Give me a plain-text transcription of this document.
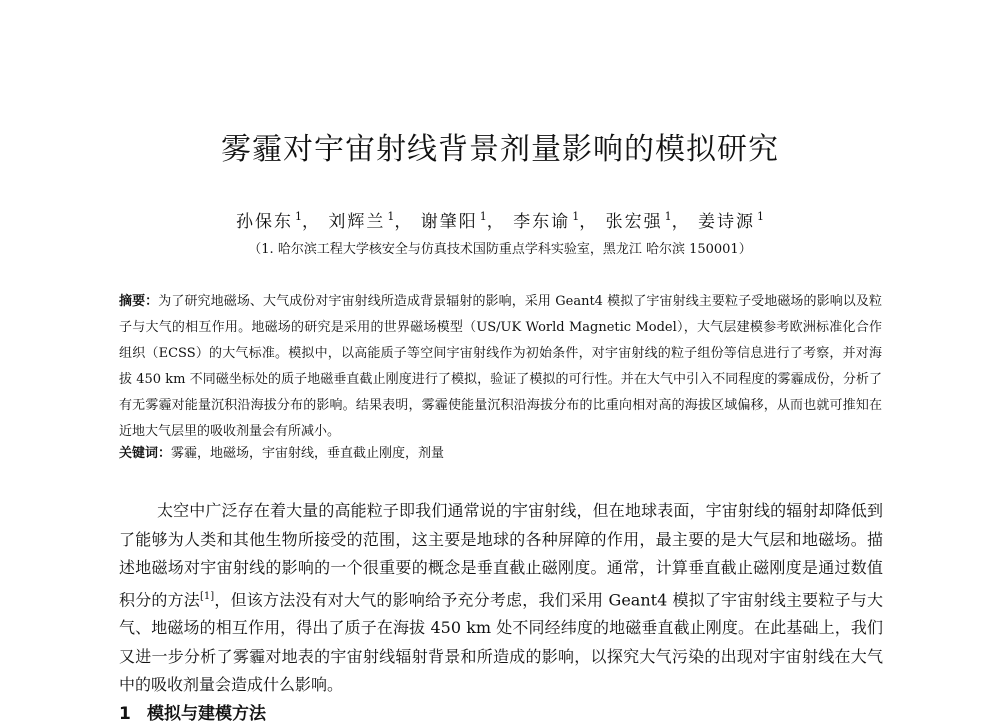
雾霾对宇宙射线背景剂量影响的模拟研究
孙保东 $^1$， 刘辉兰 $^1$， 谢肇阳 $^1$， 李东谕 $^1$， 张宏强 $^1$， 姜诗源 $^1$
（1. 哈尔滨工程大学核安全与仿真技术国防重点学科实验室，黑龙江 哈尔滨 150001）
摘要：为了研究地磁场、大气成份对宇宙射线所造成背景辐射的影响，采用 Geant4 模拟了宇宙射线主要粒子受地磁场的影响以及粒子与大气的相互作用。地磁场的研究是采用的世界磁场模型（US/UK World Magnetic Model），大气层建模参考欧洲标准化合作组织（ECSS）的大气标准。模拟中，以高能质子等空间宇宙射线作为初始条件，对宇宙射线的粒子组份等信息进行了考察，并对海拔 450 km 不同磁坐标处的质子地磁垂直截止刚度进行了模拟，验证了模拟的可行性。并在大气中引入不同程度的雾霾成份，分析了有无雾霾对能量沉积沿海拔分布的影响。结果表明，雾霾使能量沉积沿海拔分布的比重向相对高的海拔区域偏移，从而也就可推知在近地大气层里的吸收剂量会有所减小。
关键词：雾霾，地磁场，宇宙射线，垂直截止刚度，剂量
太空中广泛存在着大量的高能粒子即我们通常说的宇宙射线，但在地球表面，宇宙射线的辐射却降低到了能够为人类和其他生物所接受的范围，这主要是地球的各种屏障的作用，最主要的是大气层和地磁场。描述地磁场对宇宙射线的影响的一个很重要的概念是垂直截止磁刚度。通常，计算垂直截止磁刚度是通过数值积分的方法[1]，但该方法没有对大气的影响给予充分考虑，我们采用 Geant4 模拟了宇宙射线主要粒子与大气、地磁场的相互作用，得出了质子在海拔 450 km 处不同经纬度的地磁垂直截止刚度。在此基础上，我们又进一步分析了雾霾对地表的宇宙射线辐射背景和所造成的影响，以探究大气污染的出现对宇宙射线在大气中的吸收剂量会造成什么影响。
1 模拟与建模方法
